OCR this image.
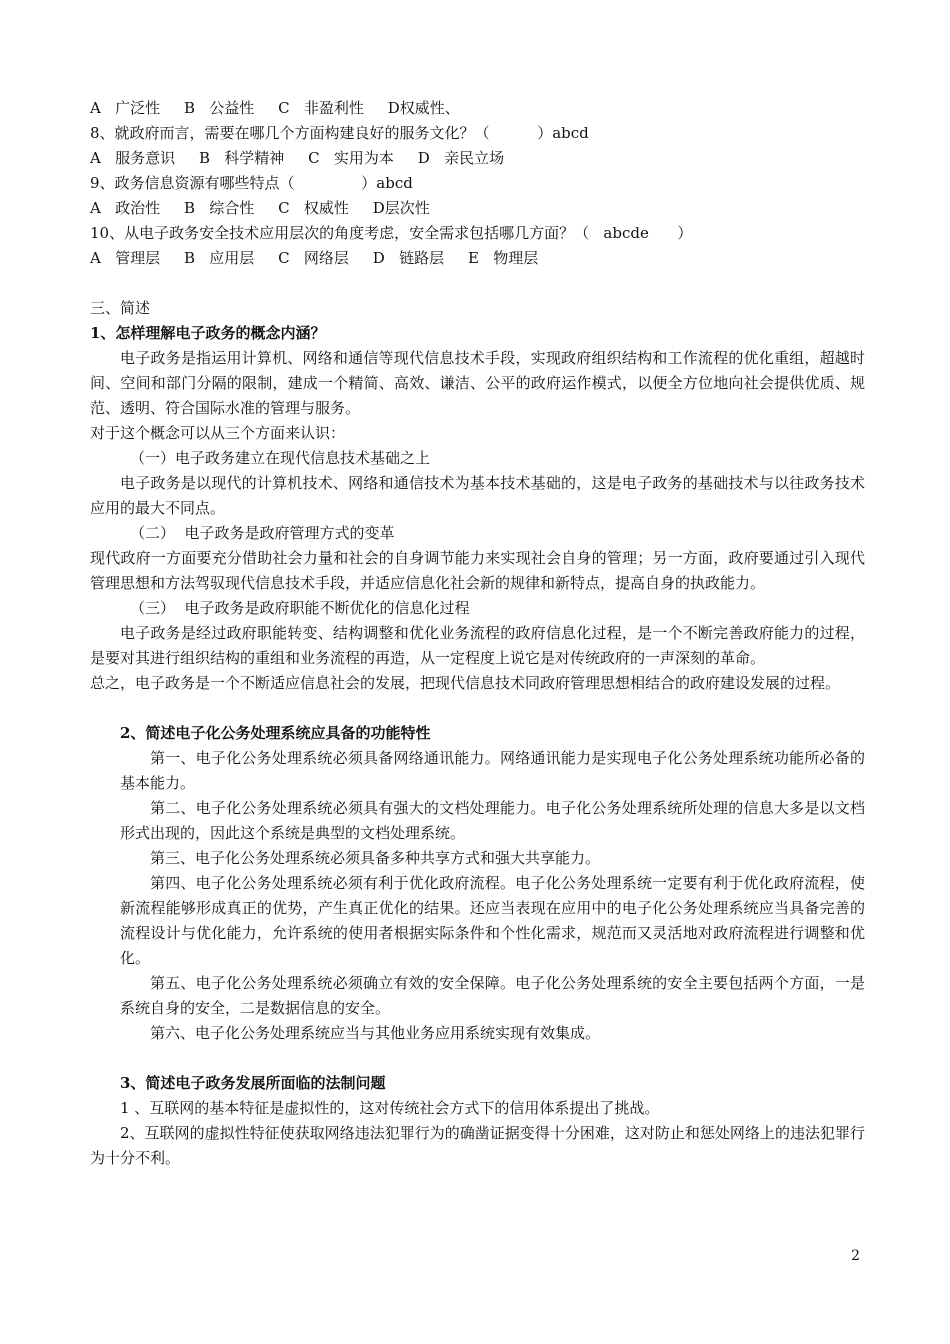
A   广泛性     B   公益性     C   非盈利性     D权威性、

8、就政府而言，需要在哪几个方面构建良好的服务文化？（          ）abcd

A   服务意识     B   科学精神     C   实用为本     D   亲民立场

9、政务信息资源有哪些特点（              ）abcd

A   政治性     B   综合性     C   权威性     D层次性

10、从电子政务安全技术应用层次的角度考虑，安全需求包括哪几方面？（   abcde      ）

A   管理层     B   应用层     C   网络层     D   链路层     E   物理层

三、简述

1、怎样理解电子政务的概念内涵？

电子政务是指运用计算机、网络和通信等现代信息技术手段，实现政府组织结构和工作流程的优化重组，超越时间、空间和部门分隔的限制，建成一个精简、高效、谦洁、公平的政府运作模式，以便全方位地向社会提供优质、规范、透明、符合国际水准的管理与服务。

对于这个概念可以从三个方面来认识：

（一）电子政务建立在现代信息技术基础之上

电子政务是以现代的计算机技术、网络和通信技术为基本技术基础的，这是电子政务的基础技术与以往政务技术应用的最大不同点。

（二）  电子政务是政府管理方式的变革

现代政府一方面要充分借助社会力量和社会的自身调节能力来实现社会自身的管理；另一方面，政府要通过引入现代管理思想和方法驾驭现代信息技术手段，并适应信息化社会新的规律和新特点，提高自身的执政能力。

（三）  电子政务是政府职能不断优化的信息化过程

电子政务是经过政府职能转变、结构调整和优化业务流程的政府信息化过程，是一个不断完善政府能力的过程，是要对其进行组织结构的重组和业务流程的再造，从一定程度上说它是对传统政府的一声深刻的革命。

总之，电子政务是一个不断适应信息社会的发展，把现代信息技术同政府管理思想相结合的政府建设发展的过程。

2、简述电子化公务处理系统应具备的功能特性

第一、电子化公务处理系统必须具备网络通讯能力。网络通讯能力是实现电子化公务处理系统功能所必备的基本能力。

第二、电子化公务处理系统必须具有强大的文档处理能力。电子化公务处理系统所处理的信息大多是以文档形式出现的，因此这个系统是典型的文档处理系统。

第三、电子化公务处理系统必须具备多种共享方式和强大共享能力。

第四、电子化公务处理系统必须有利于优化政府流程。电子化公务处理系统一定要有利于优化政府流程，使新流程能够形成真正的优势，产生真正优化的结果。还应当表现在应用中的电子化公务处理系统应当具备完善的流程设计与优化能力，允许系统的使用者根据实际条件和个性化需求，规范而又灵活地对政府流程进行调整和优化。

第五、电子化公务处理系统必须确立有效的安全保障。电子化公务处理系统的安全主要包括两个方面，一是系统自身的安全，二是数据信息的安全。

第六、电子化公务处理系统应当与其他业务应用系统实现有效集成。

3、简述电子政务发展所面临的法制问题

1 、互联网的基本特征是虚拟性的，这对传统社会方式下的信用体系提出了挑战。

2、互联网的虚拟性特征使获取网络违法犯罪行为的确凿证据变得十分困难，这对防止和惩处网络上的违法犯罪行为十分不利。

2
